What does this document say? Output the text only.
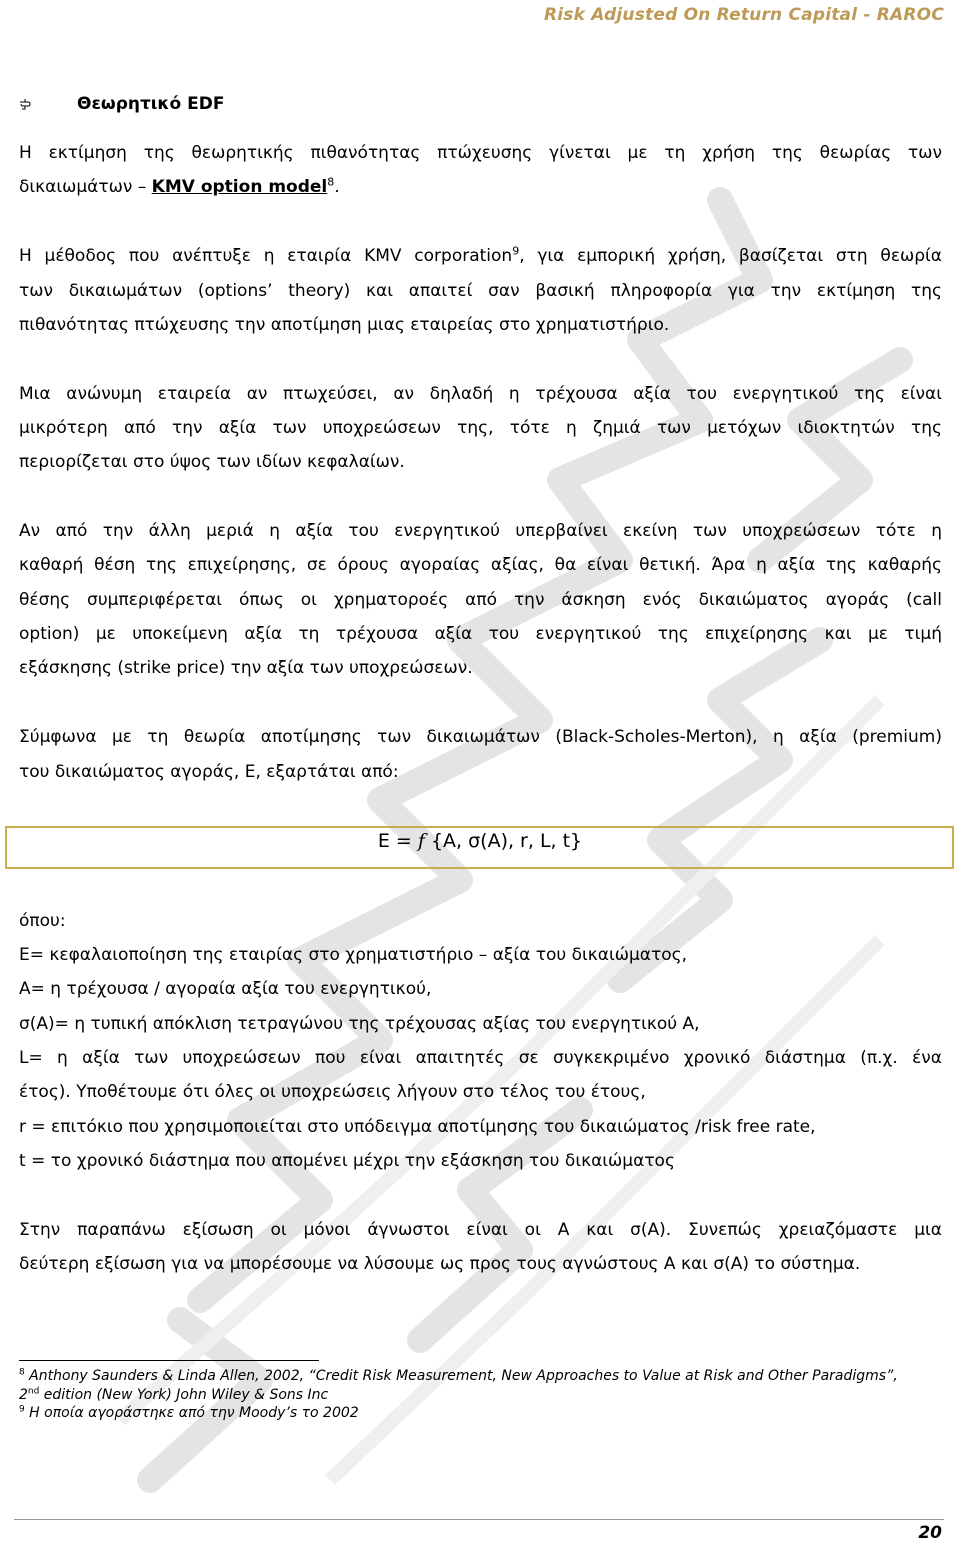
Risk Adjusted On Return Capital - RAROC
Θεωρητικό EDF
Η εκτίμηση της θεωρητικής πιθανότητας πτώχευσης γίνεται με τη χρήση της θεωρίας των
δικαιωμάτων – KMV option model$^8$.
Η μέθοδος που ανέπτυξε η εταιρία KMV corporation$^9$, για εμπορική χρήση, βασίζεται στη θεωρία
των δικαιωμάτων (options’ theory) και απαιτεί σαν βασική πληροφορία για την εκτίμηση της
πιθανότητας πτώχευσης την αποτίμηση μιας εταιρείας στο χρηματιστήριο.
Μια ανώνυμη εταιρεία αν πτωχεύσει, αν δηλαδή η τρέχουσα αξία του ενεργητικού της είναι
μικρότερη από την αξία των υποχρεώσεων της, τότε η ζημιά των μετόχων ιδιοκτητών της
περιορίζεται στο ύψος των ιδίων κεφαλαίων.
Αν από την άλλη μεριά η αξία του ενεργητικού υπερβαίνει εκείνη των υποχρεώσεων τότε η
καθαρή θέση της επιχείρησης, σε όρους αγοραίας αξίας, θα είναι θετική. Άρα η αξία της καθαρής
θέσης συμπεριφέρεται όπως οι χρηματοροές από την άσκηση ενός δικαιώματος αγοράς (call
option) με υποκείμενη αξία τη τρέχουσα αξία του ενεργητικού της επιχείρησης και με τιμή
εξάσκησης (strike price) την αξία των υποχρεώσεων.
Σύμφωνα με τη θεωρία αποτίμησης των δικαιωμάτων (Black-Scholes-Merton), η αξία (premium)
του δικαιώματος αγοράς, Ε, εξαρτάται από:
όπου:
Ε= κεφαλαιοποίηση της εταιρίας στο χρηματιστήριο – αξία του δικαιώματος,
Α= η τρέχουσα / αγοραία αξία του ενεργητικού,
σ(Α)= η τυπική απόκλιση τετραγώνου της τρέχουσας αξίας του ενεργητικού Α,
L= η αξία των υποχρεώσεων που είναι απαιτητές σε συγκεκριμένο χρονικό διάστημα (π.χ. ένα
έτος). Υποθέτουμε ότι όλες οι υποχρεώσεις λήγουν στο τέλος του έτους,
r = επιτόκιο που χρησιμοποιείται στο υπόδειγμα αποτίμησης του δικαιώματος /risk free rate,
t = το χρονικό διάστημα που απομένει μέχρι την εξάσκηση του δικαιώματος
Στην παραπάνω εξίσωση οι μόνοι άγνωστοι είναι οι Α και σ(Α). Συνεπώς χρειαζόμαστε μια
δεύτερη εξίσωση για να μπορέσουμε να λύσουμε ως προς τους αγνώστους Α και σ(Α) το σύστημα.
E = f {A, σ(A), r, L, t}
$^8$ Anthony Saunders & Linda Allen, 2002, “Credit Risk Measurement, New Approaches to Value at Risk and Other Paradigms”,
2nd edition (New York) John Wiley & Sons Inc
$^9$ Η οποία αγοράστηκε από την Moody’s το 2002
20
